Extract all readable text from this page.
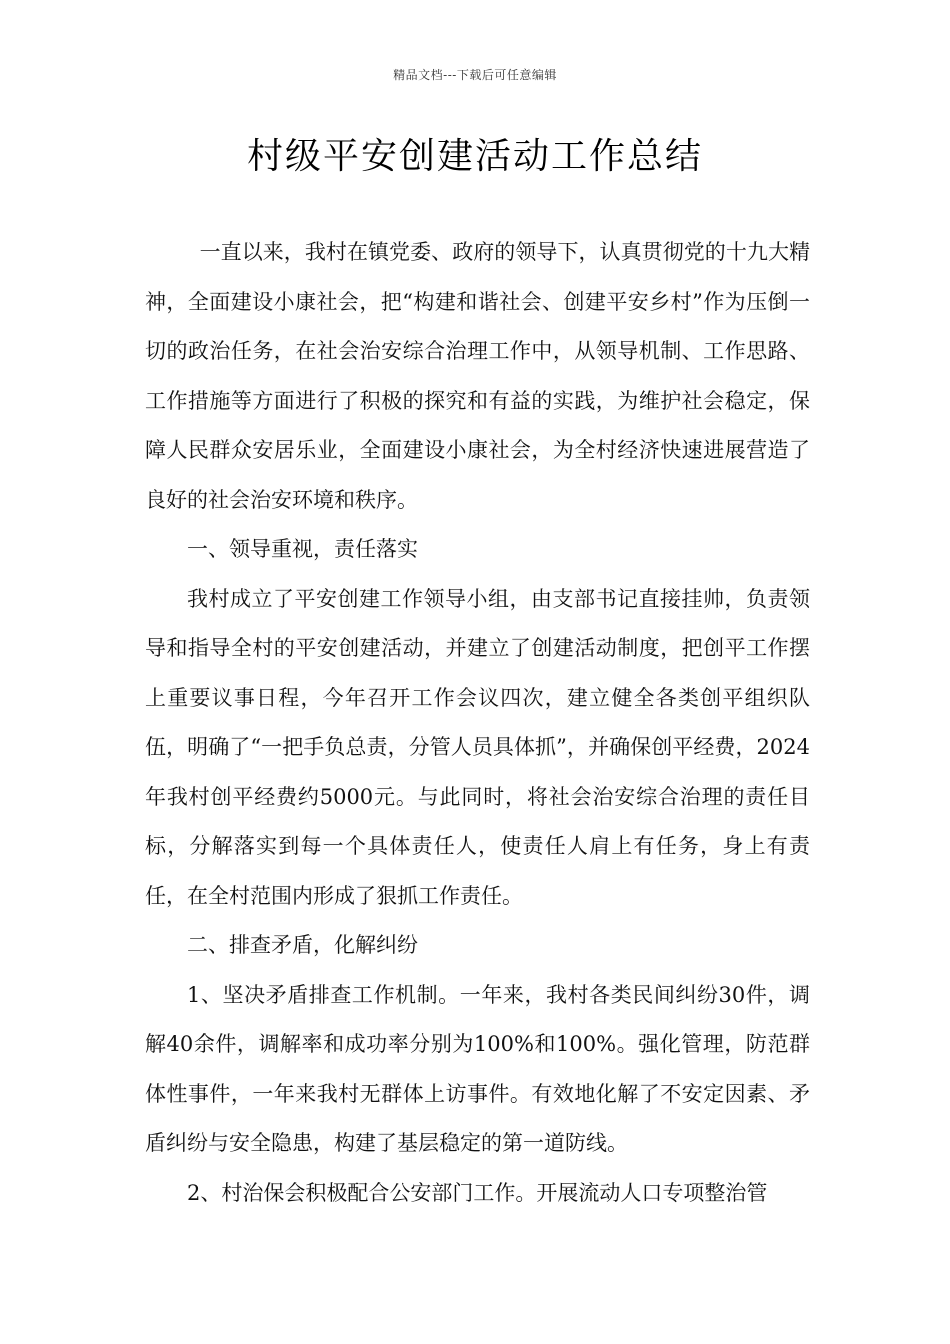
精品文档---下载后可任意编辑
村级平安创建活动工作总结

一直以来，我村在镇党委、政府的领导下，认真贯彻党的十九大精神，全面建设小康社会，把“构建和谐社会、创建平安乡村”作为压倒一切的政治任务，在社会治安综合治理工作中，从领导机制、工作思路、工作措施等方面进行了积极的探究和有益的实践，为维护社会稳定，保障人民群众安居乐业，全面建设小康社会，为全村经济快速进展营造了良好的社会治安环境和秩序。

一、领导重视，责任落实

我村成立了平安创建工作领导小组，由支部书记直接挂帅，负责领导和指导全村的平安创建活动，并建立了创建活动制度，把创平工作摆上重要议事日程，今年召开工作会议四次，建立健全各类创平组织队伍，明确了“一把手负总责，分管人员具体抓”，并确保创平经费，2024年我村创平经费约5000元。与此同时，将社会治安综合治理的责任目标，分解落实到每一个具体责任人，使责任人肩上有任务，身上有责任，在全村范围内形成了狠抓工作责任。

二、排查矛盾，化解纠纷

1、坚决矛盾排查工作机制。一年来，我村各类民间纠纷30件，调解40余件，调解率和成功率分别为100%和100%。强化管理，防范群体性事件，一年来我村无群体上访事件。有效地化解了不安定因素、矛盾纠纷与安全隐患，构建了基层稳定的第一道防线。

2、村治保会积极配合公安部门工作。开展流动人口专项整治管
